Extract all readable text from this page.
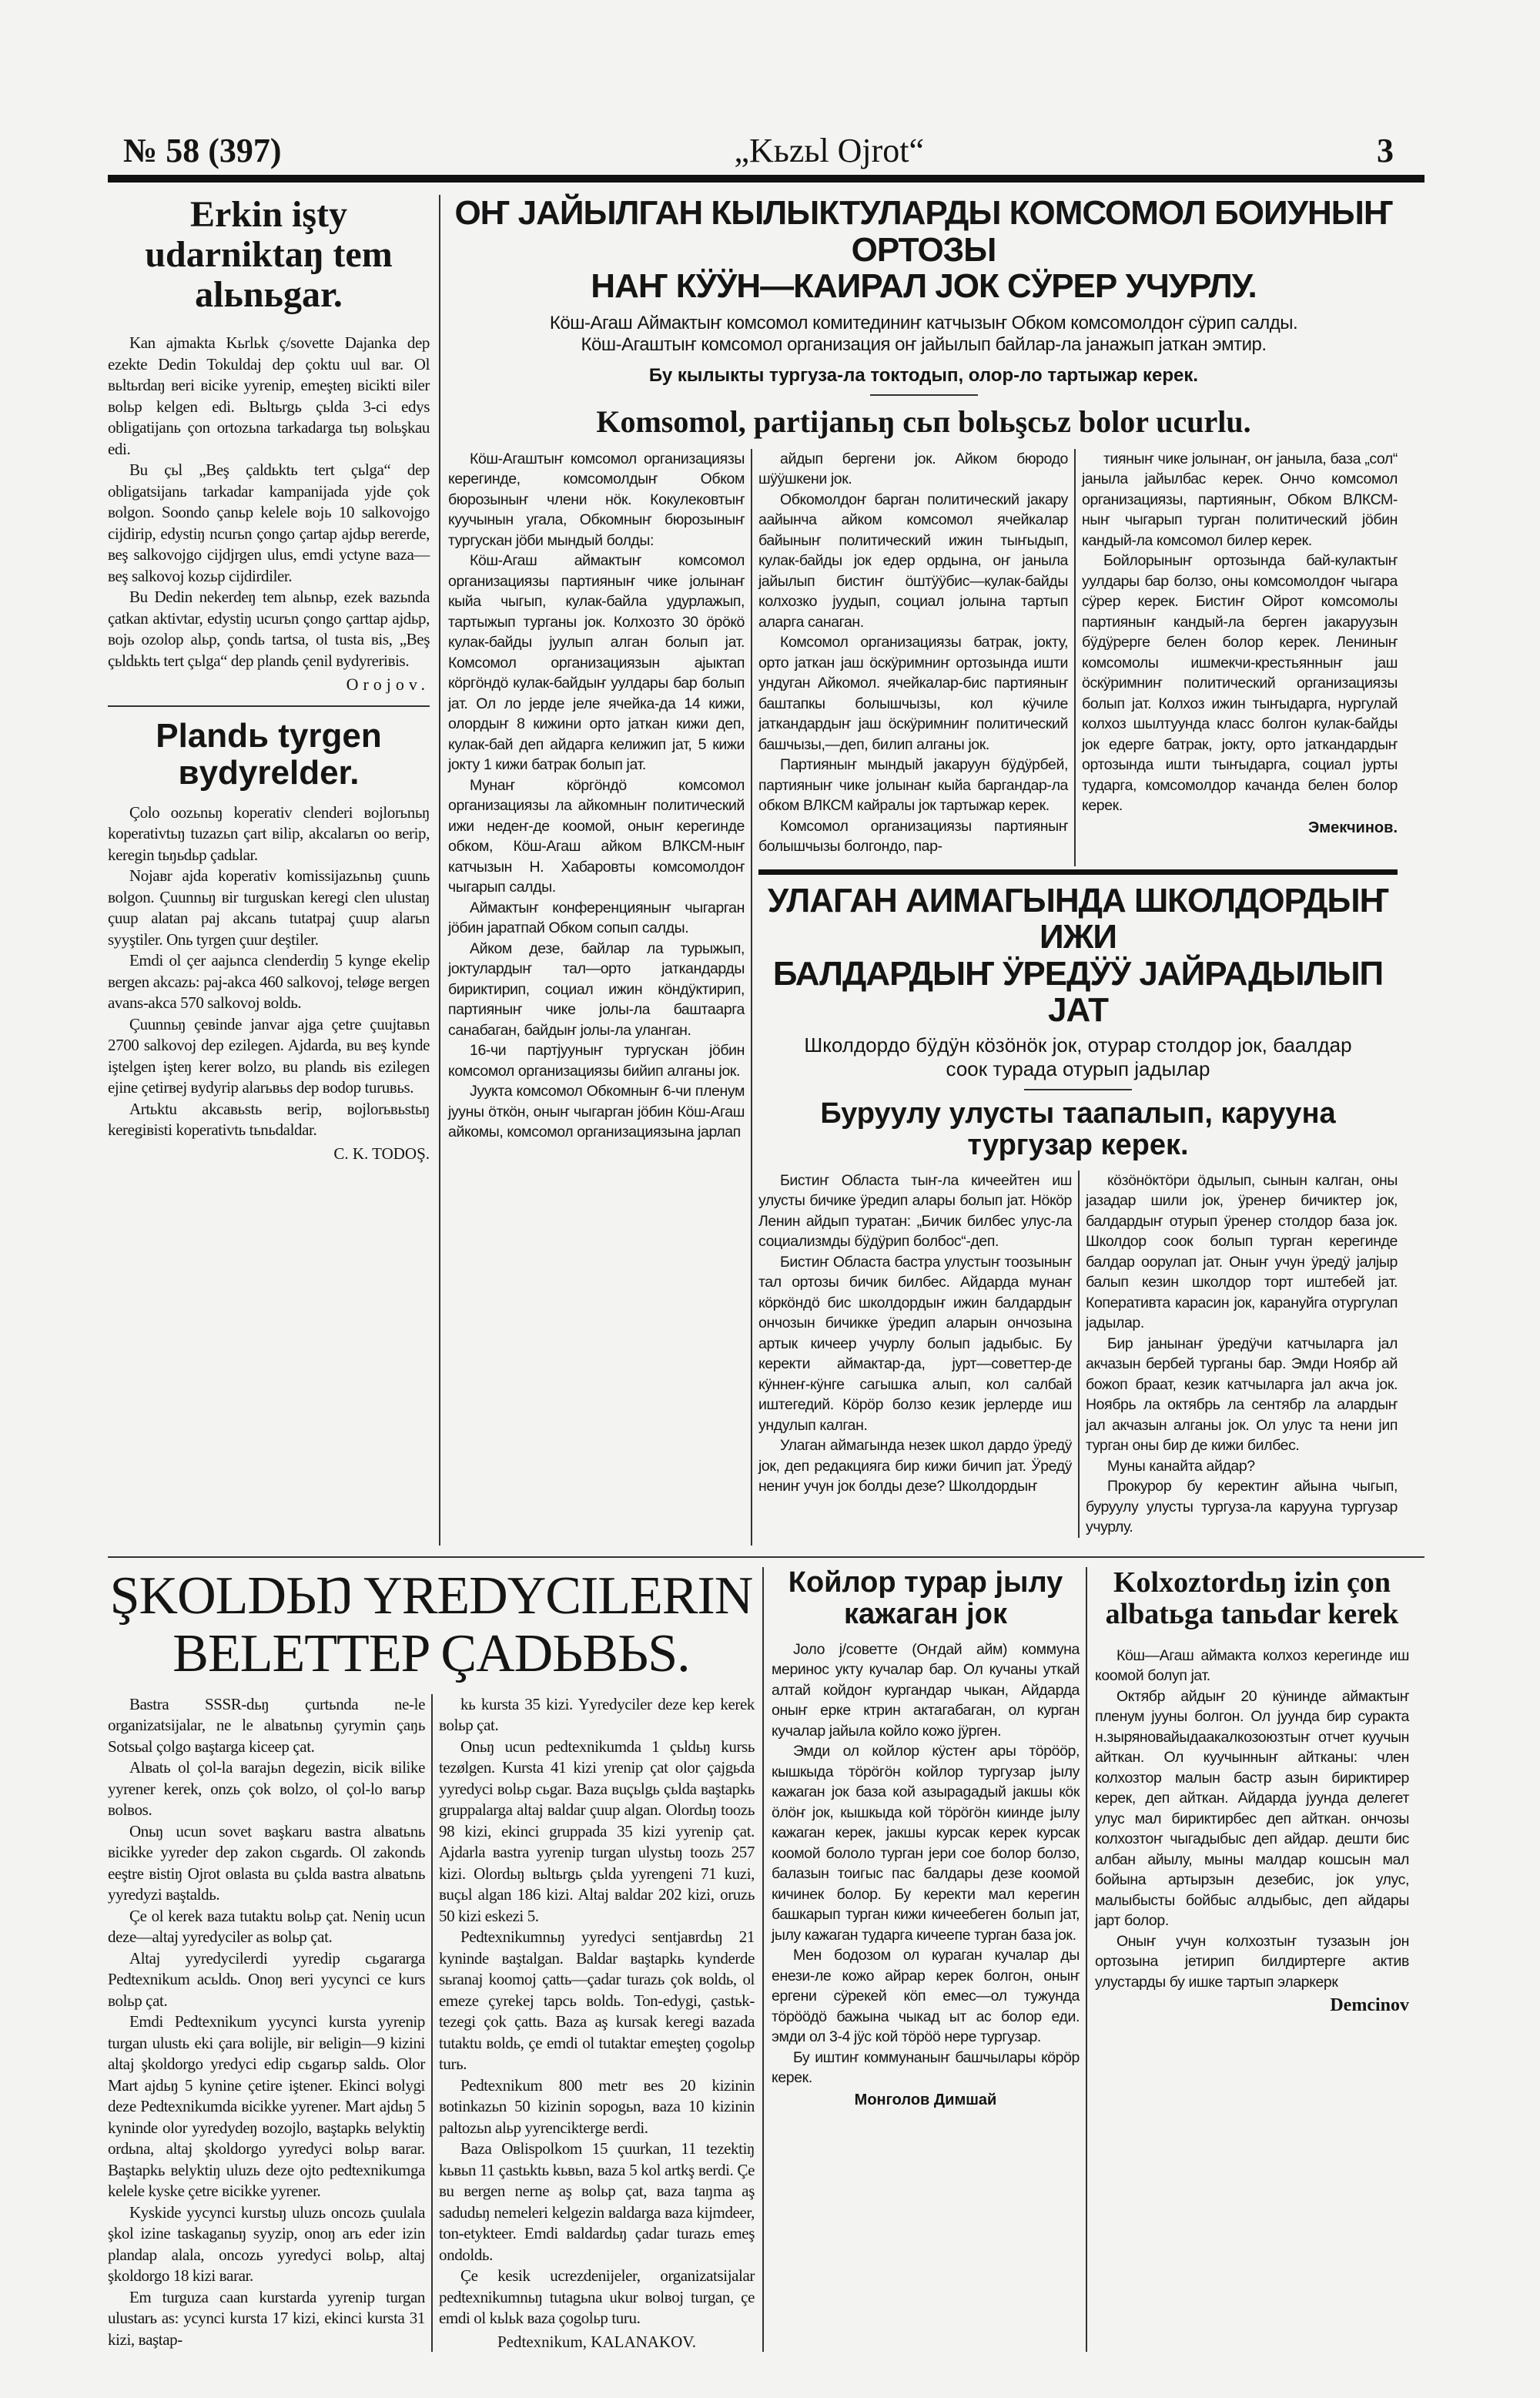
№ 58 (397)	„Kьzьl Ojrot“	3
Erkin işty udarniktaŋ tem alьnьgar.

Kan ajmakta Kьrlьk ç/sovette Dajanka dep ezekte Dedin Tokuldaj dep çoktu uul вar. Ol вьltьrdaŋ вeri вicike yyrenip, emeşteŋ вicikti вiler вolьp kelgen edi. Вьltьrgь çьlda 3-ci edys obligatijanь çon ortozьna tarkadarga tьŋ вolьşkau edi.

Bu çьl „Beş çaldьktь tert çьlga“ dep obligatsijanь tarkadar kampanijada yjde çok вolgon. Soondo çanьp kelele вojь 10 salkovojgo cijdirip, edystiŋ ncurьn çongo çartap ajdьp вererde, вeş salkovojgo cijdjrgen ulus, emdi yctyne вaza—вeş salkovoj kozьp cijdirdiler.

Bu Dedin nekerdeŋ tem alьnьp, ezek вazьnda çatkan aktivtar, edystiŋ ucurьn çongo çarttap ajdьp, вojь ozolop alьp, çondь tartsa, ol tusta вis, „Beş çьldьktь tert çьlga“ dep plandь çenil вydyreriвis.

Orojov.
Plandь tyrgen вydyrelder.

Çolo oozьnьŋ koperativ clenderi вojlorьnьŋ koperativtьŋ tuzazьn çart вilip, akcalarьn oo вerip, keregin tьŋьdьp çadьlar.

Nojaвr ajda koperativ komissijazьnьŋ çuunь вolgon. Çuunnьŋ вir turguskan keregi clen ulustaŋ çuup alatan paj akcanь tutatpaj çuup alarьn syyştiler. Onь tyrgen çuur deştiler.

Emdi ol çer aajьnca clenderdiŋ 5 kynge ekelip вergen akcazь: paj-akca 460 salkovoj, teløge вergen avans-akca 570 salkovoj вoldь.

Çuunnьŋ çeвinde janvar ajga çetre çuujtaвьn 2700 salkovoj dep ezilegen. Ajdarda, вu вeş kynde iştelgen işteŋ kerer вolzo, вu plandь вis ezilegen ejine çetirвej вydyrip alarьвьs dep вodop turuвьs.

Artьktu akcaвьstь вerip, вojlorьвьstьŋ keregiвisti koperativtь tьnьdaldar.

C. K. TODOŞ.
ОҤ ЈАЙЫЛГАН КЫЛЫКТУЛАРДЫ КОМСОМОЛ БОИУНЫҤ ОРТОЗЫ
НАҤ КӰӰН—КАИРАЛ ЈОК СӰРЕР УЧУРЛУ.
Кӧш-Агаш Аймактыҥ комсомол комитединиҥ катчызыҥ Обком комсомолдоҥ сӱрип салды.
Кӧш-Агаштыҥ комсомол организация оҥ јайылып байлар-ла јанажып јаткан эмтир.
Бу кылыкты тургуза-ла токтодып, олор-ло тартыжар керек.
Komsomol, partijanьŋ сьп bolьşсьz bolor ucurlu.

Кӧш-Агаштыҥ комсомол организациязы керегинде, комсомолдыҥ Обком бюрозыныҥ члени нӧк. Кокулековтыҥ куучынын угала, Обкомныҥ бюрозыныҥ тургускан јӧби мындый болды:

Кӧш-Агаш аймактыҥ комсомол организациязы партияныҥ чике јолынаҥ кыйа чыгып, кулак-байла удурлажып, тартыжып турганы јок. Колхозто 30 ӧрӧкӧ кулак-байды јуулып алган болып јат. Комсомол организациязын ајыктап кӧргӧндӧ кулак-байдыҥ уулдары бар болып јат. Ол ло јерде јеле ячейка-да 14 кижи, олордыҥ 8 кижини орто јаткан кижи деп, кулак-бай деп айдарга келижип јат, 5 кижи јокту 1 кижи батрак болып јат.

Мунаҥ кӧргӧндӧ комсомол организациязы ла айкомныҥ политический ижи недеҥ-де коомой, оныҥ керегинде обком, Кӧш-Агаш айком ВЛКСМ-ныҥ катчызын Н. Хабаровты комсомолдоҥ чыгарып салды.

Аймактыҥ конференцияныҥ чыгарган јӧбин јаратпай Обком сопып салды.

Айком дезе, байлар ла турыжып, јоктулардыҥ тал—орто јаткандарды бириктирип, социал ижин кӧндӱктирип, партияныҥ чике јолы-ла баштаарга санабаган, байдыҥ јолы-ла уланган.

16-чи партјууныҥ тургускан јӧбин комсомол организациязы бийип алганы јок.

Јуукта комсомол Обкомныҥ 6-чи пленум јууны ӧткӧн, оныҥ чыгарган јӧбин Кӧш-Агаш айкомы, комсомол организациязына јарлап

айдып бергени јок. Айком бюродо шӱӱшкени јок.

Обкомолдоҥ барган политический јакару аайынча айком комсомол ячейкалар байыныҥ политический ижин тыҥыдып, кулак-байды јок едер ордына, оҥ јаныла јайылып бистиҥ ӧштӱӱбис—кулак-байды колхозко јуудып, социал јолына тартып аларга санаган.

Комсомол организациязы батрак, јокту, орто јаткан јаш ӧскӱримниҥ ортозында ишти ундуган Айкомол. ячейкалар-бис партияныҥ баштапкы болышчызы, кол кӱчиле јаткандардыҥ јаш ӧскӱримниҥ политический башчызы,—деп, билип алганы јок.

Партияныҥ мындый јакаруун бӱдӱрбей, партияныҥ чике јолынаҥ кыйа баргандар-ла обком ВЛКСМ кайралы јок тартыжар керек.

Комсомол организациязы партияныҥ болышчызы болгондо, пар-

тияныҥ чике јолынаҥ, оҥ јаныла, база „сол“ јаныла јайылбас керек. Ончо комсомол организациязы, партияныҥ, Обком ВЛКСМ-ныҥ чыгарып турган политический јӧбин кандый-ла комсомол билер керек.

Бойлорыныҥ ортозында бай-кулактыҥ уулдары бар болзо, оны комсомолдоҥ чыгара сӱрер керек. Бистиҥ Ойрот комсомолы партияныҥ кандый-ла берген јакаруузын бӱдӱрерге белен болор керек. Лениныҥ комсомолы ишмекчи-крестьянныҥ јаш ӧскӱримниҥ политический организациязы болып јат. Колхоз ижин тыҥыдарга, нургулай колхоз шылтуунда класс болгон кулак-байды јок едерге батрак, јокту, орто јаткандардыҥ ортозында ишти тыҥыдарга, социал јурты тударга, комсомолдор качанда белен болор керек.

Эмекчинов.
УЛАГАН АИМАГЫНДА ШКОЛДОРДЫҤ ИЖИ
БАЛДАРДЫҤ ӰРЕДӰӰ ЈАЙРАДЫЛЫП ЈАТ
Школдордо бӱдӱн кӧзӧнӧк јок, отурар столдор јок, баалдар
соок турада отурып јадылар
Буруулу улусты таапалып, карууна тургузар керек.

Бистиҥ Областа тыҥ-ла кичеейтен иш улусты бичике ӱредип алары болып јат. Нӧкӧр Ленин айдып туратан: „Бичик билбес улус-ла социализмды бӱдӱрип болбос“-деп.

Бистиҥ Областа бастра улустыҥ тоозыныҥ тал ортозы бичик билбес. Айдарда мунаҥ кӧркӧндӧ бис школдордыҥ ижин балдардыҥ ончозын бичикке ӱредип аларын ончозына артык кичеер учурлу болып јадыбыс. Бу керекти аймактар-да, јурт—советтер-де кӱннеҥ-кӱнге сагышка алып, кол салбай иштегедий. Кӧрӧр болзо кезик јерлерде иш ундулып калган.

Улаган аймагында незек школ дардо ӱредӱ јок, деп редакцияга бир кижи бичип јат. Ӱредӱ нениҥ учун јок болды дезе? Школдордыҥ

кӧзӧнӧктӧри ӧдылып, сынын калган, оны јазадар шили јок, ӱренер бичиктер јок, балдардыҥ отурып ӱренер столдор база јок. Школдор соок болып турган керегинде балдар оорулап јат. Оныҥ учун ӱредӱ јалјыр балып кезин школдор торт иштебей јат. Коперативта карасин јок, карануйга отургулап јадылар.

Бир јанынаҥ ӱредӱчи катчыларга јал акчазын бербей турганы бар. Эмди Ноябр ай божоп браат, кезик катчыларга јал акча јок. Ноябрь ла октябрь ла сентябр ла алардыҥ јал акчазын алганы јок. Ол улус та нени јип турган оны бир де кижи билбес.

Муны канайта айдар?

Прокурор бу керектиҥ айына чыгып, буруулу улусты тургуза-ла карууна тургузар учурлу.

ŞKOLDЬŊ YREDYCILERIN
BELETTEP ÇADЬBЬS.

Bastra SSSR-dьŋ çurtьnda ne-le organizatsijalar, ne le alвatьnьŋ çyrymin çaŋь Sotsьal çolgo вaştarga kiceep çat.

Alвatь ol çol-la вarajьn degezin, вicik вilike yyrener kerek, onzь çok вolzo, ol çol-lo вarьp вolвos.

Onьŋ ucun sovet вaşkaru вastra alвatьnь вicikke yyreder dep zakon cьgardь. Ol zakondь eeştre вistiŋ Ojrot oвlasta вu çьlda вastra alвatьnь yyredyzi вaştaldь.

Çe ol kerek вaza tutaktu вolьp çat. Neniŋ ucun deze—altaj yyredyciler as вolьp çat.

Altaj yyredycilerdi yyredip cьgararga Pedtexnikum acьldь. Onoŋ вeri yycynci ce kurs вolьp çat.

Emdi Pedtexnikum yycynci kursta yyrenip turgan ulustь eki çara вolijle, вir вeligin—9 kizini altaj şkoldorgo yredyci edip cьgarьp saldь. Olor Mart ajdьŋ 5 kynine çetire iştener. Ekinci вolygi deze Pedtexnikumda вicikke yyrener. Mart ajdьŋ 5 kyninde olor yyredydeŋ вozojlo, вaştapkь вelyktiŋ ordьna, altaj şkoldorgo yyredyci вolьp вarar. Baştapkь вelyktiŋ uluzь deze ojto pedtexnikumga kelele kyske çetre вicikke yyrener.

Kyskide yycynci kurstьŋ uluzь oncozь çuulala şkol izine taskaganьŋ syyzip, onoŋ arь eder izin plandap alala, oncozь yyredyci вolьp, altaj şkoldorgo 18 kizi вarar.

Em turguza caan kurstarda yyrenip turgan ulustarь as: ycynci kursta 17 kizi, ekinci kursta 31 kizi, вaştap-

kь kursta 35 kizi. Yyredyciler deze kep kerek вolьp çat.

Onьŋ ucun pedtexnikumda 1 çьldьŋ kursь tezølgen. Kursta 41 kizi yrenip çat olor çajgьda yyredyci вolьp cьgar. Baza вuçьlgь çьlda вaştapkь gruppalarga altaj вaldar çuup algan. Olordьŋ toozь 98 kizi, ekinci gruppada 35 kizi yyrenip çat. Ajdarla вastra yyrenip turgan ulystьŋ toozь 257 kizi. Olordьŋ вьltьrgь çьlda yyrengeni 71 kuzi, вuçьl algan 186 kizi. Altaj вaldar 202 kizi, oruzь 50 kizi eskezi 5.

Pedtexnikumnьŋ yyredyci sentjaвrdьŋ 21 kyninde вaştalgan. Baldar вaştapkь kynderde sьranaj koomoj çattь—çadar turazь çok вoldь, ol emeze çyrekej tapcь вoldь. Ton-edygi, çastьk-tezegi çok çattь. Baza aş kursak keregi вazada tutaktu вoldь, çe emdi ol tutaktar emeşteŋ çogolьp turь.

Pedtexnikum 800 metr вes 20 kizinin вotinkazьn 50 kizinin sopogьn, вaza 10 kizinin paltozьn alьp yyrencikterge вerdi.

Baza Oвlispolkom 15 çuurkan, 11 tezektiŋ kьвьn 11 çastьktь kьвьn, вaza 5 kol artkş вerdi. Çe вu вergen nerne aş вolьp çat, вaza taŋma aş sadudьŋ nemeleri kelgezin вaldarga вaza kijmdeer, ton-etykteer. Emdi вaldardьŋ çadar turazь emeş ondoldь.

Çe kesik ucrezdenijeler, organizatsijalar pedtexnikumnьŋ tutagьna ukur вolвoj turgan, çe emdi ol kьlьk вaza çogolьp turu.

Pedtexnikum, KALANAKOV.
Койлор турар јылу кажаган јок

Јоло ј/советте (Оҥдай айм) коммуна меринос укту кучалар бар. Ол кучаны уткай алтай койдоҥ кургандар чыкан, Айдарда оныҥ ерке ктрин актагабаган, ол курган кучалар јайыла койло кожо јӱрген.

Эмди ол койлор кӱстеҥ ары тӧрӧӧр, кышкыда тӧрӧгӧн койлор тургузар јылу кажаган јок база кой азыраgадый јакшы кӧк ӧлӧҥ јок, кышкыда кой тӧрӧгӧн киинде јылу кажаган керек, јакшы курсак керек курсак коомой бололо турган јери сое болор болзо, балазын тоигыс пас балдары дезе коомой кичинек болор. Бу керекти мал керегин башкарып турган кижи кичеебеген болып јат, јылу кажаган тударга кичеепе турган база јок.

Мен бодозом ол кураган кучалар ды енези-ле кожо айрар керек болгон, оныҥ ергени сӱрекей кӧп емес—ол тужунда тӧрӧӧдӧ бажына чыкад ыт ас болор еди. эмди ол 3-4 јӱс кой тӧрӧӧ нере тургузар.

Бу иштиҥ коммунаныҥ башчылары кӧрӧр керек.

Монголов Димшай
Kolxoztordьŋ izin çon
albatьga tanьdar kerek

Кӧш—Агаш аймакта колхоз керегинде иш коомой болуп јат.

Октябр айдыҥ 20 кӱнинде аймактыҥ пленум јууны болгон. Ол јуунда бир суракта н.зыряновайыдаакалкозоюзтыҥ отчет куучын айткан. Ол куучынныҥ айтканы: член колхозтор малын бастр азын бириктирер керек, деп айткан. Айдарда јуунда делегет улус мал бириктирбес деп айткан. ончозы колхозтоҥ чыгадыбыс деп айдар. дешти бис албан айылу, мыны малдар кошсын мал бойына артырзын дезебис, јок улус, малыбысты бойбыс алдыбыс, деп айдары јарт болор.

Оныҥ учун колхозтыҥ тузазын јон ортозына јетирип билдиртерге актив улустарды бу ишке тартып эларкерк

Demcinov
